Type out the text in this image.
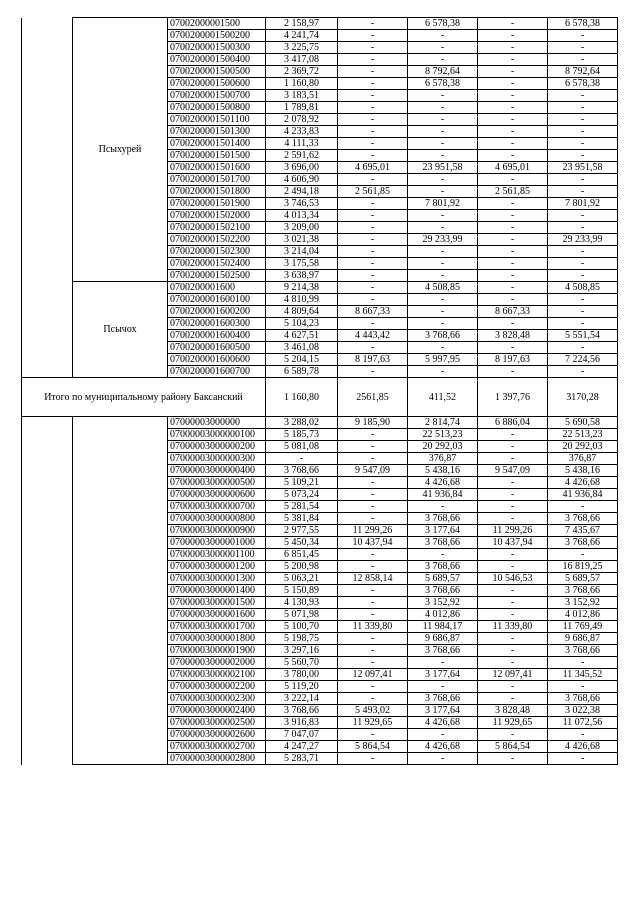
	Псыхурей	07002000001500	2 158,97	-	6 578,38	-	6 578,38
		0700200001500200	4 241,74	-	-	-	-
		0700200001500300	3 225,75	-	-	-	-
		0700200001500400	3 417,08	-	-	-	-
		0700200001500500	2 369,72	-	8 792,64	-	8 792,64
		0700200001500600	1 160,80	-	6 578,38	-	6 578,38
		0700200001500700	3 183,51	-	-	-	-
		0700200001500800	1 789,81	-	-	-	-
		0700200001501100	2 078,92	-	-	-	-
		0700200001501300	4 233,83	-	-	-	-
		0700200001501400	4 111,33	-	-	-	-
		0700200001501500	2 591,62	-	-	-	-
		0700200001501600	3 696,00	4 695,01	23 951,58	4 695,01	23 951,58
		0700200001501700	4 606,90	-	-	-	-
		0700200001501800	2 494,18	2 561,85	-	2 561,85	-
		0700200001501900	3 746,53	-	7 801,92	-	7 801,92
		0700200001502000	4 013,34	-	-	-	-
		0700200001502100	3 209,00	-	-	-	-
		0700200001502200	3 021,38	-	29 233,99	-	29 233,99
		0700200001502300	3 214,04	-	-	-	-
		0700200001502400	3 175,58	-	-	-	-
		0700200001502500	3 638,97	-	-	-	-
	Псычох	0700200001600	9 214,38	-	4 508,85	-	4 508,85
		0700200001600100	4 810,99	-	-	-	-
		0700200001600200	4 809,64	8 667,33	-	8 667,33	-
		0700200001600300	5 104,23	-	-	-	-
		0700200001600400	4 627,51	4 443,42	3 768,66	3 828,48	5 551,54
		0700200001600500	3 461,08	-	-	-	-
		0700200001600600	5 204,15	8 197,63	5 997,95	8 197,63	7 224,56
		0700200001600700	6 589,78	-	-	-	-
Итого по муниципальному району Баксанский			1 160,80	2561,85	411,52	1 397,76	3170,28
		07000003000000	3 288,02	9 185,90	2 814,74	6 886,04	5 690,58
		07000003000000100	5 185,73	-	22 513,23	-	22 513,23
		07000003000000200	5 081,08	-	20 292,03	-	20 292,03
		07000003000000300	-	-	376,87	-	376,87
		07000003000000400	3 768,66	9 547,09	5 438,16	9 547,09	5 438,16
		07000003000000500	5 109,21	-	4 426,68	-	4 426,68
		07000003000000600	5 073,24	-	41 936,84	-	41 936,84
		07000003000000700	5 281,54	-	-	-	-
		07000003000000800	5 381,84	-	3 768,66	-	3 768,66
		07000003000000900	2 977,55	11 299,26	3 177,64	11 299,26	7 435,67
		07000003000001000	5 450,34	10 437,94	3 768,66	10 437,94	3 768,66
		07000003000001100	6 851,45	-	-	-	-
		07000003000001200	5 200,98	-	3 768,66	-	16 819,25
		07000003000001300	5 063,21	12 858,14	5 689,57	10 546,53	5 689,57
		07000003000001400	5 150,89	-	3 768,66	-	3 768,66
		07000003000001500	4 130,93	-	3 152,92	-	3 152,92
		07000003000001600	5 071,98	-	4 012,86	-	4 012,86
		07000003000001700	5 100,70	11 339,80	11 984,17	11 339,80	11 769,49
		07000003000001800	5 198,75	-	9 686,87	-	9 686,87
		07000003000001900	3 297,16	-	3 768,66	-	3 768,66
		07000003000002000	5 560,70	-	-	-	-
		07000003000002100	3 780,00	12 097,41	3 177,64	12 097,41	11 345,52
		07000003000002200	5 119,20	-	-	-	-
		07000003000002300	3 222,14	-	3 768,66	-	3 768,66
		07000003000002400	3 768,66	5 493,02	3 177,64	3 828,48	3 022,38
		07000003000002500	3 916,83	11 929,65	4 426,68	11 929,65	11 072,56
		07000003000002600	7 047,07	-	-	-	-
		07000003000002700	4 247,27	5 864,54	4 426,68	5 864,54	4 426,68
		07000003000002800	5 283,71	-	-	-	-
